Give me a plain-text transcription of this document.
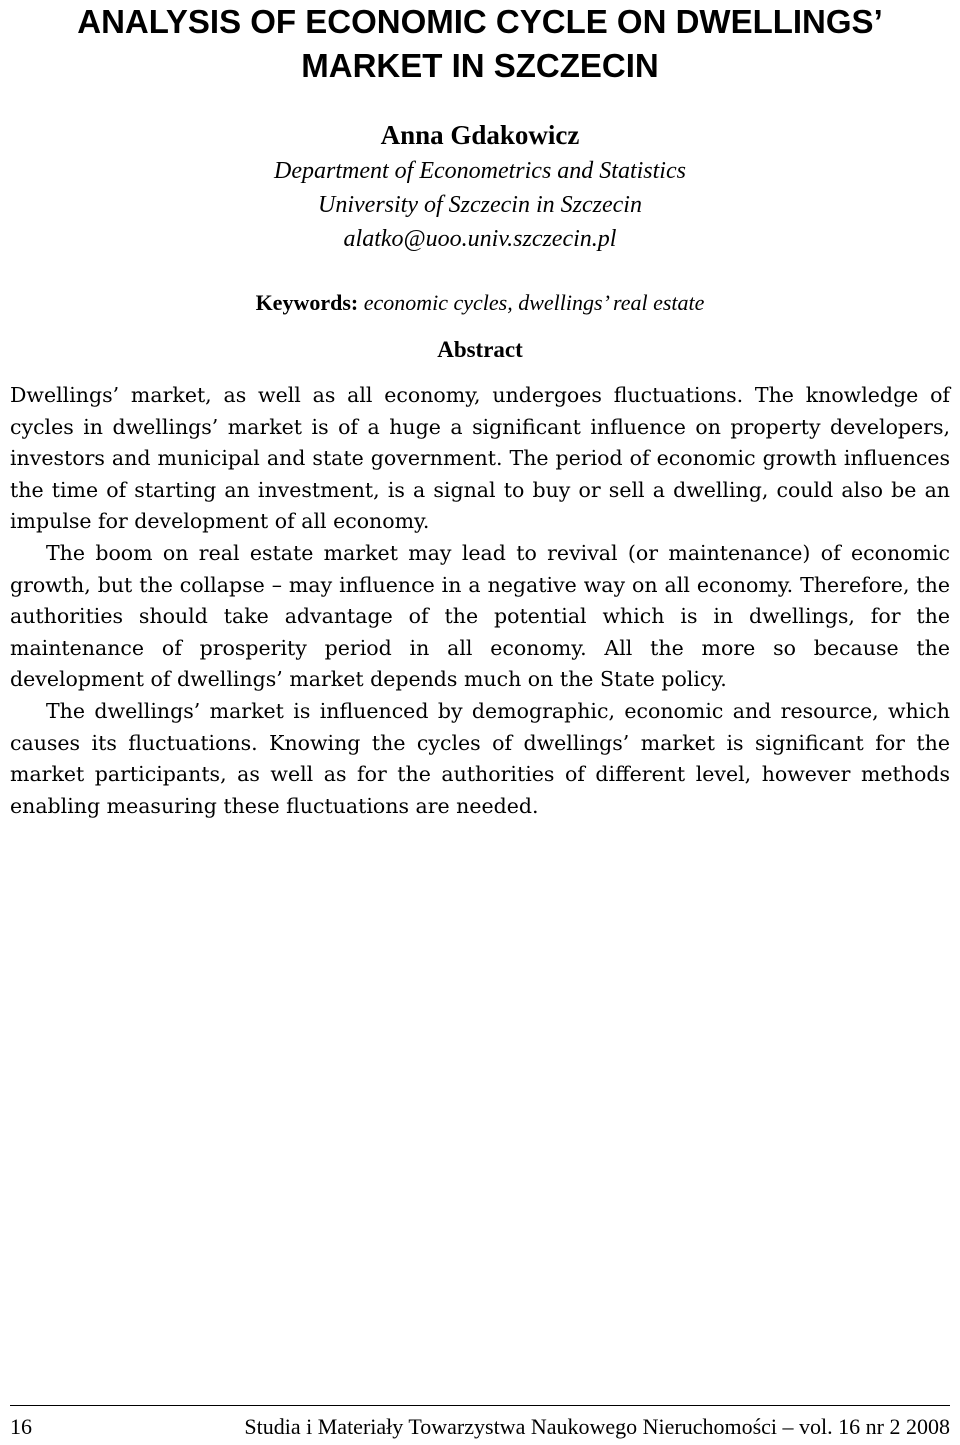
ANALYSIS OF ECONOMIC CYCLE ON DWELLINGS’
MARKET IN SZCZECIN
Anna Gdakowicz
Department of Econometrics and Statistics
University of Szczecin in Szczecin
alatko@uoo.univ.szczecin.pl
Keywords: economic cycles, dwellings’ real estate
Abstract

Dwellings’ market, as well as all economy, undergoes fluctuations. The knowledge of cycles in dwellings’ market is of a huge a significant influence on property developers, investors and municipal and state government. The period of economic growth influences the time of starting an investment, is a signal to buy or sell a dwelling, could also be an impulse for development of all economy.

The boom on real estate market may lead to revival (or maintenance) of economic growth, but the collapse – may influence in a negative way on all economy. Therefore, the authorities should take advantage of the potential which is in dwellings, for the maintenance of prosperity period in all economy. All the more so because the development of dwellings’ market depends much on the State policy.

The dwellings’ market is influenced by demographic, economic and resource, which causes its fluctuations. Knowing the cycles of dwellings’ market is significant for the market participants, as well as for the authorities of different level, however methods enabling measuring these fluctuations are needed.

16	Studia i Materiały Towarzystwa Naukowego Nieruchomości – vol. 16 nr 2 2008
